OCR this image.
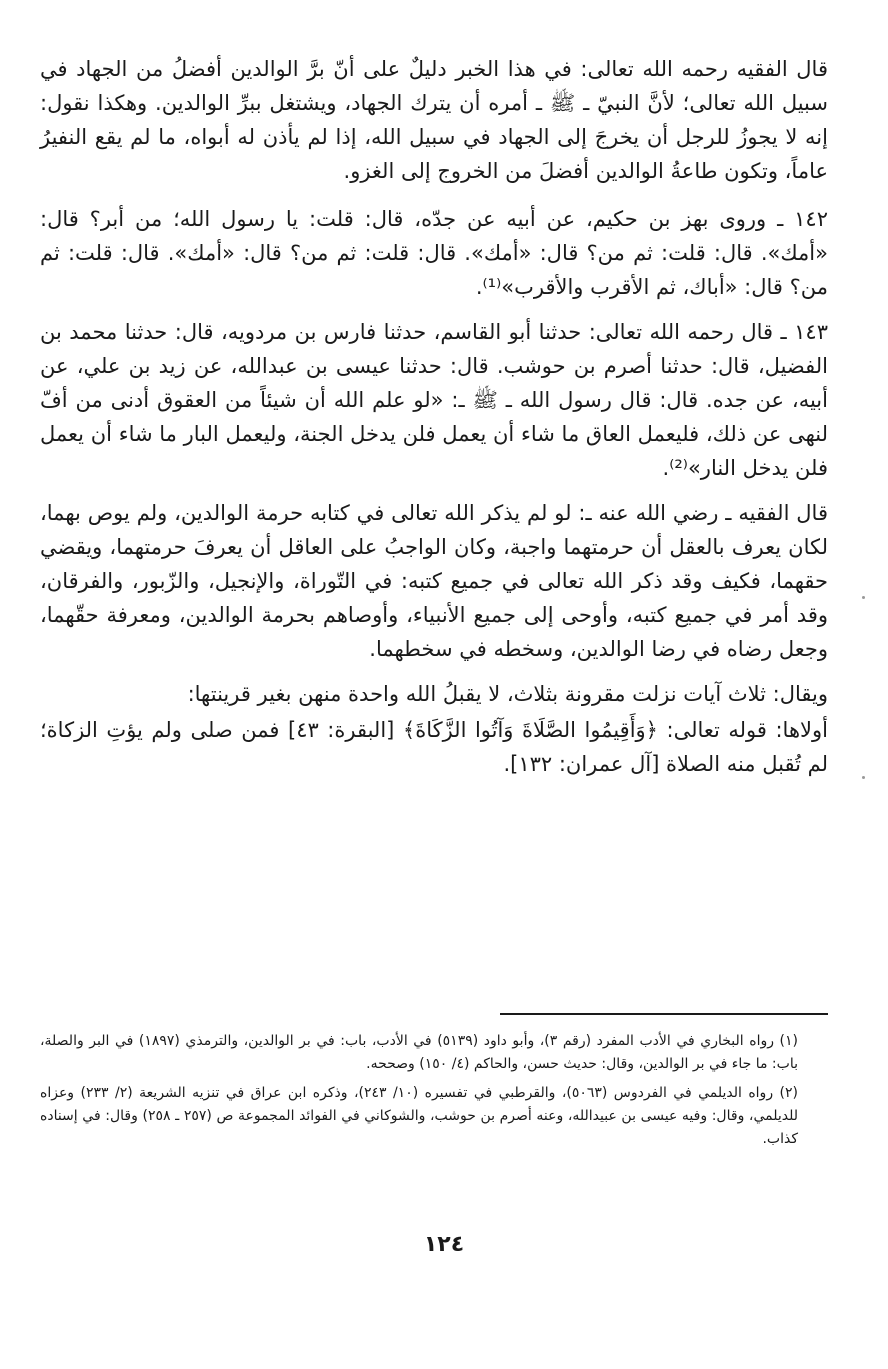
قال الفقيه رحمه الله تعالى: في هذا الخبر دليلٌ على أنّ برَّ الوالدين أفضلُ من الجهاد في سبيل الله تعالى؛ لأنَّ النبيّ ـ ﷺ ـ أمره أن يترك الجهاد، ويشتغل ببرِّ الوالدين. وهكذا نقول: إنه لا يجوزُ للرجل أن يخرجَ إلى الجهاد في سبيل الله، إذا لم يأذن له أبواه، ما لم يقع النفيرُ عاماً، وتكون طاعةُ الوالدين أفضلَ من الخروج إلى الغزو.

١٤٢ ـ وروى بهز بن حكيم، عن أبيه عن جدّه، قال: قلت: يا رسول الله؛ من أبر؟ قال: «أمك». قال: قلت: ثم من؟ قال: «أمك». قال: قلت: ثم من؟ قال: «أمك». قال: قلت: ثم من؟ قال: «أباك، ثم الأقرب والأقرب»⁽¹⁾.

١٤٣ ـ قال رحمه الله تعالى: حدثنا أبو القاسم، حدثنا فارس بن مردويه، قال: حدثنا محمد بن الفضيل، قال: حدثنا أصرم بن حوشب. قال: حدثنا عيسى بن عبدالله، عن زيد بن علي، عن أبيه، عن جده. قال: قال رسول الله ـ ﷺ ـ: «لو علم الله أن شيئاً من العقوق أدنى من أفّ لنهى عن ذلك، فليعمل العاق ما شاء أن يعمل فلن يدخل الجنة، وليعمل البار ما شاء أن يعمل فلن يدخل النار»⁽²⁾.

قال الفقيه ـ رضي الله عنه ـ: لو لم يذكر الله تعالى في كتابه حرمة الوالدين، ولم يوص بهما، لكان يعرف بالعقل أن حرمتهما واجبة، وكان الواجبُ على العاقل أن يعرفَ حرمتهما، ويقضي حقهما، فكيف وقد ذكر الله تعالى في جميع كتبه: في التّوراة، والإنجيل، والزّبور، والفرقان، وقد أمر في جميع كتبه، وأوحى إلى جميع الأنبياء، وأوصاهم بحرمة الوالدين، ومعرفة حقّهما، وجعل رضاه في رضا الوالدين، وسخطه في سخطهما.

ويقال: ثلاث آيات نزلت مقرونة بثلاث، لا يقبلُ الله واحدة منهن بغير قرينتها:

أولاها: قوله تعالى: ﴿وَأَقِيمُوا الصَّلَاةَ وَآتُوا الزَّكَاةَ﴾ [البقرة: ٤٣] فمن صلى ولم يؤتِ الزكاة؛ لم تُقبل منه الصلاة [آل عمران: ١٣٢].

(١) رواه البخاري في الأدب المفرد (رقم ٣)، وأبو داود (٥١٣٩) في الأدب، باب: في بر الوالدين، والترمذي (١٨٩٧) في البر والصلة، باب: ما جاء في بر الوالدين، وقال: حديث حسن، والحاكم (٤/ ١٥٠) وصححه.

(٢) رواه الديلمي في الفردوس (٥٠٦٣)، والقرطبي في تفسيره (١٠/ ٢٤٣)، وذكره ابن عراق في تنزيه الشريعة (٢/ ٢٣٣) وعزاه للديلمي، وقال: وفيه عيسى بن عبيدالله، وعنه أصرم بن حوشب، والشوكاني في الفوائد المجموعة ص (٢٥٧ ـ ٢٥٨) وقال: في إسناده كذاب.

١٢٤
